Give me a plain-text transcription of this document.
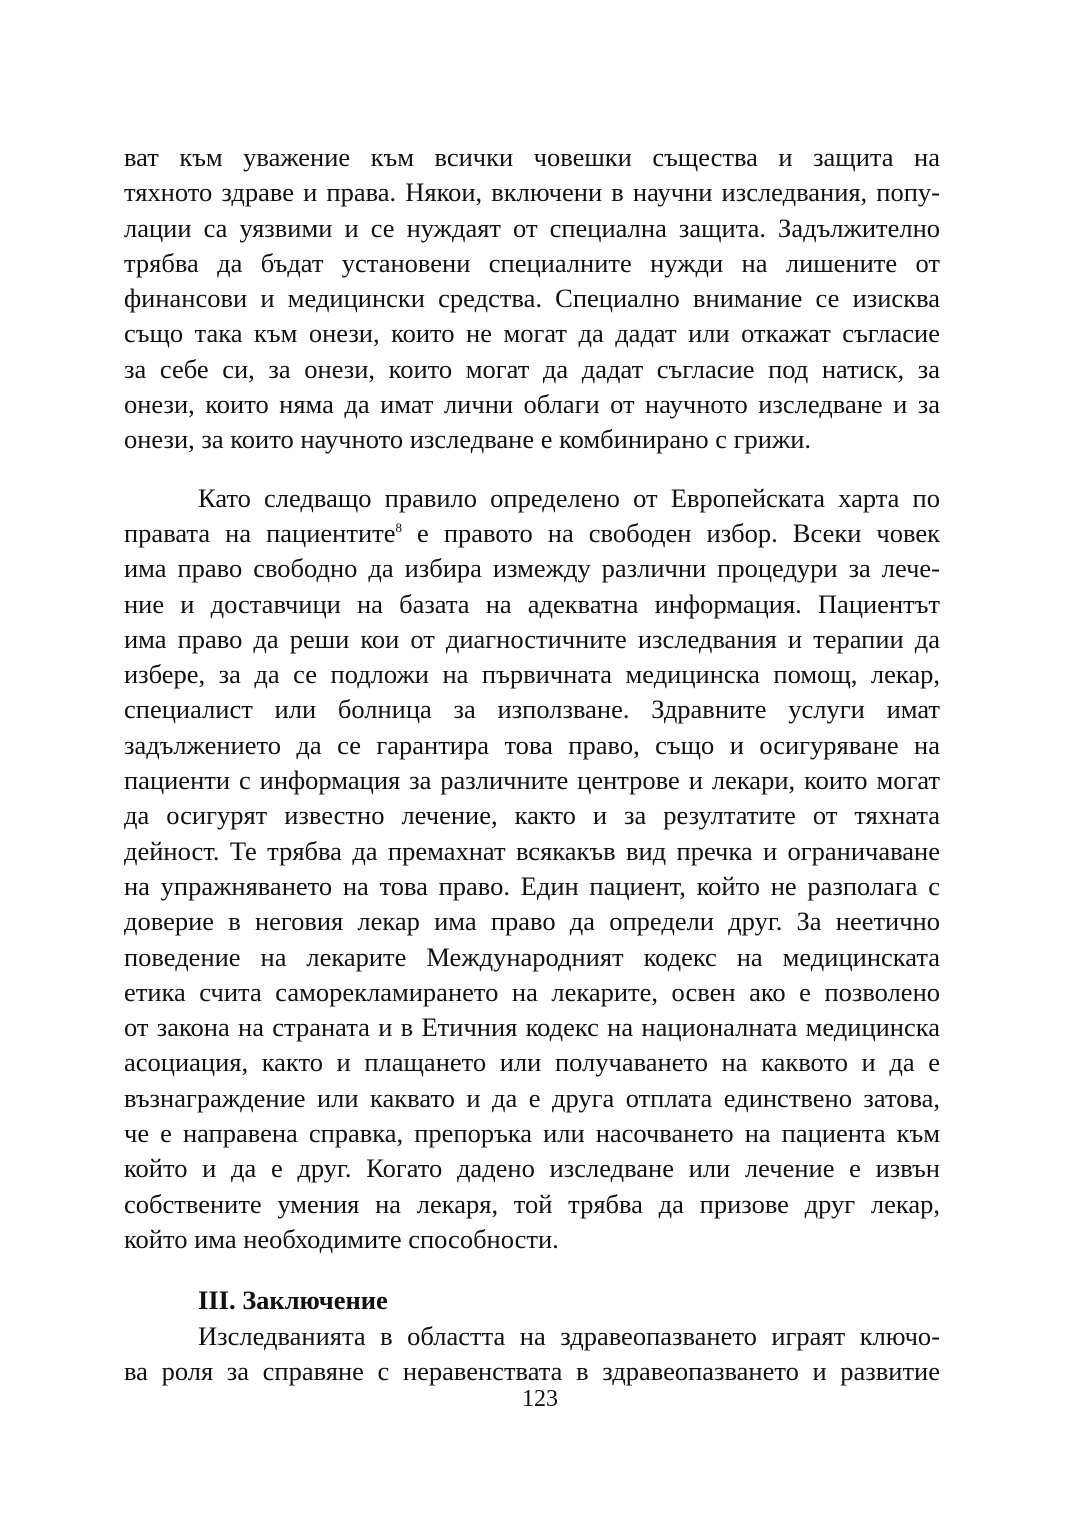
ват към уважение към всички човешки същества и защита на
тяхното здраве и права. Някои, включени в научни изследвания, попу-
лации са уязвими и се нуждаят от специална защита. Задължително
трябва да бъдат установени специалните нужди на лишените от
финансови и медицински средства. Специално внимание се изисква
също така към онези, които не могат да дадат или откажат съгласие
за себе си, за онези, които могат да дадат съгласие под натиск, за
онези, които няма да имат лични облаги от научното изследване и за
онези, за които научното изследване е комбинирано с грижи.
Като следващо правило определено от Европейската харта по
правата на пациентите$^8$ е правото на свободен избор. Всеки човек
има право свободно да избира измежду различни процедури за лече-
ние и доставчици на базата на адекватна информация. Пациентът
има право да реши кои от диагностичните изследвания и терапии да
избере, за да се подложи на първичната медицинска помощ, лекар,
специалист или болница за използване. Здравните услуги имат
задължението да се гарантира това право, също и осигуряване на
пациенти с информация за различните центрове и лекари, които могат
да осигурят известно лечение, както и за резултатите от тяхната
дейност. Те трябва да премахнат всякакъв вид пречка и ограничаване
на упражняването на това право. Един пациент, който не разполага с
доверие в неговия лекар има право да определи друг. За неетично
поведение на лекарите Международният кодекс на медицинската
етика счита саморекламирането на лекарите, освен ако е позволено
от закона на страната и в Етичния кодекс на националната медицинска
асоциация, както и плащането или получаването на каквото и да е
възнаграждение или каквато и да е друга отплата единствено затова,
че е направена справка, препоръка или насочването на пациента към
който и да е друг. Когато дадено изследване или лечение е извън
собствените умения на лекаря, той трябва да призове друг лекар,
който има необходимите способности.
III. Заключение
Изследванията в областта на здравеопазването играят ключо-
ва роля за справяне с неравенствата в здравеопазването и развитие
123
